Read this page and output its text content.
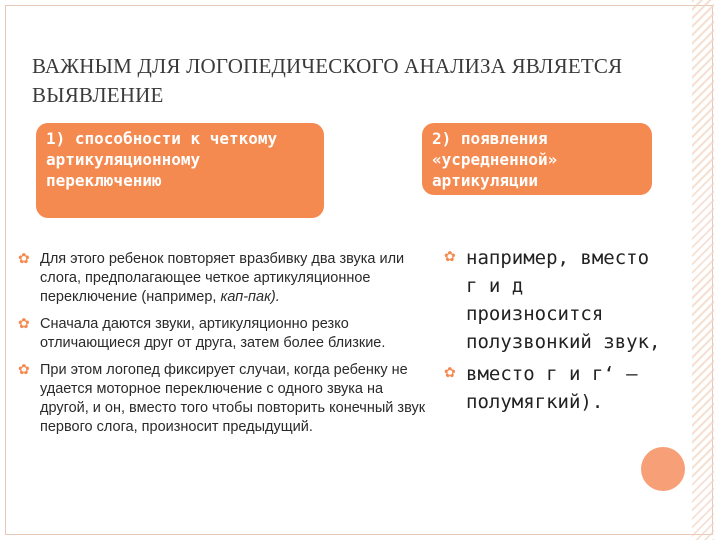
ВАЖНЫМ ДЛЯ ЛОГОПЕДИЧЕСКОГО АНАЛИЗА ЯВЛЯЕТСЯ ВЫЯВЛЕНИЕ
1) способности к четкому артикуляционному переключению
2) появления «усредненной» артикуляции
✿ Для этого ребенок повторяет вразбивку два звука или слога, предполагающее четкое артикуляционное переключение (например, кап-пак).
✿ Сначала даются звуки, артикуляционно резко отличающиеся друг от друга, затем более близкие.
✿ При этом логопед фиксирует случаи, когда ребенку не удается моторное переключение с одного звука на другой, и он, вместо того чтобы повторить конечный звук первого слога, произносит предыдущий.
✿ например, вместо г и д произносится полузвонкий звук,
✿ вместо г и г‘ — полумягкий).
